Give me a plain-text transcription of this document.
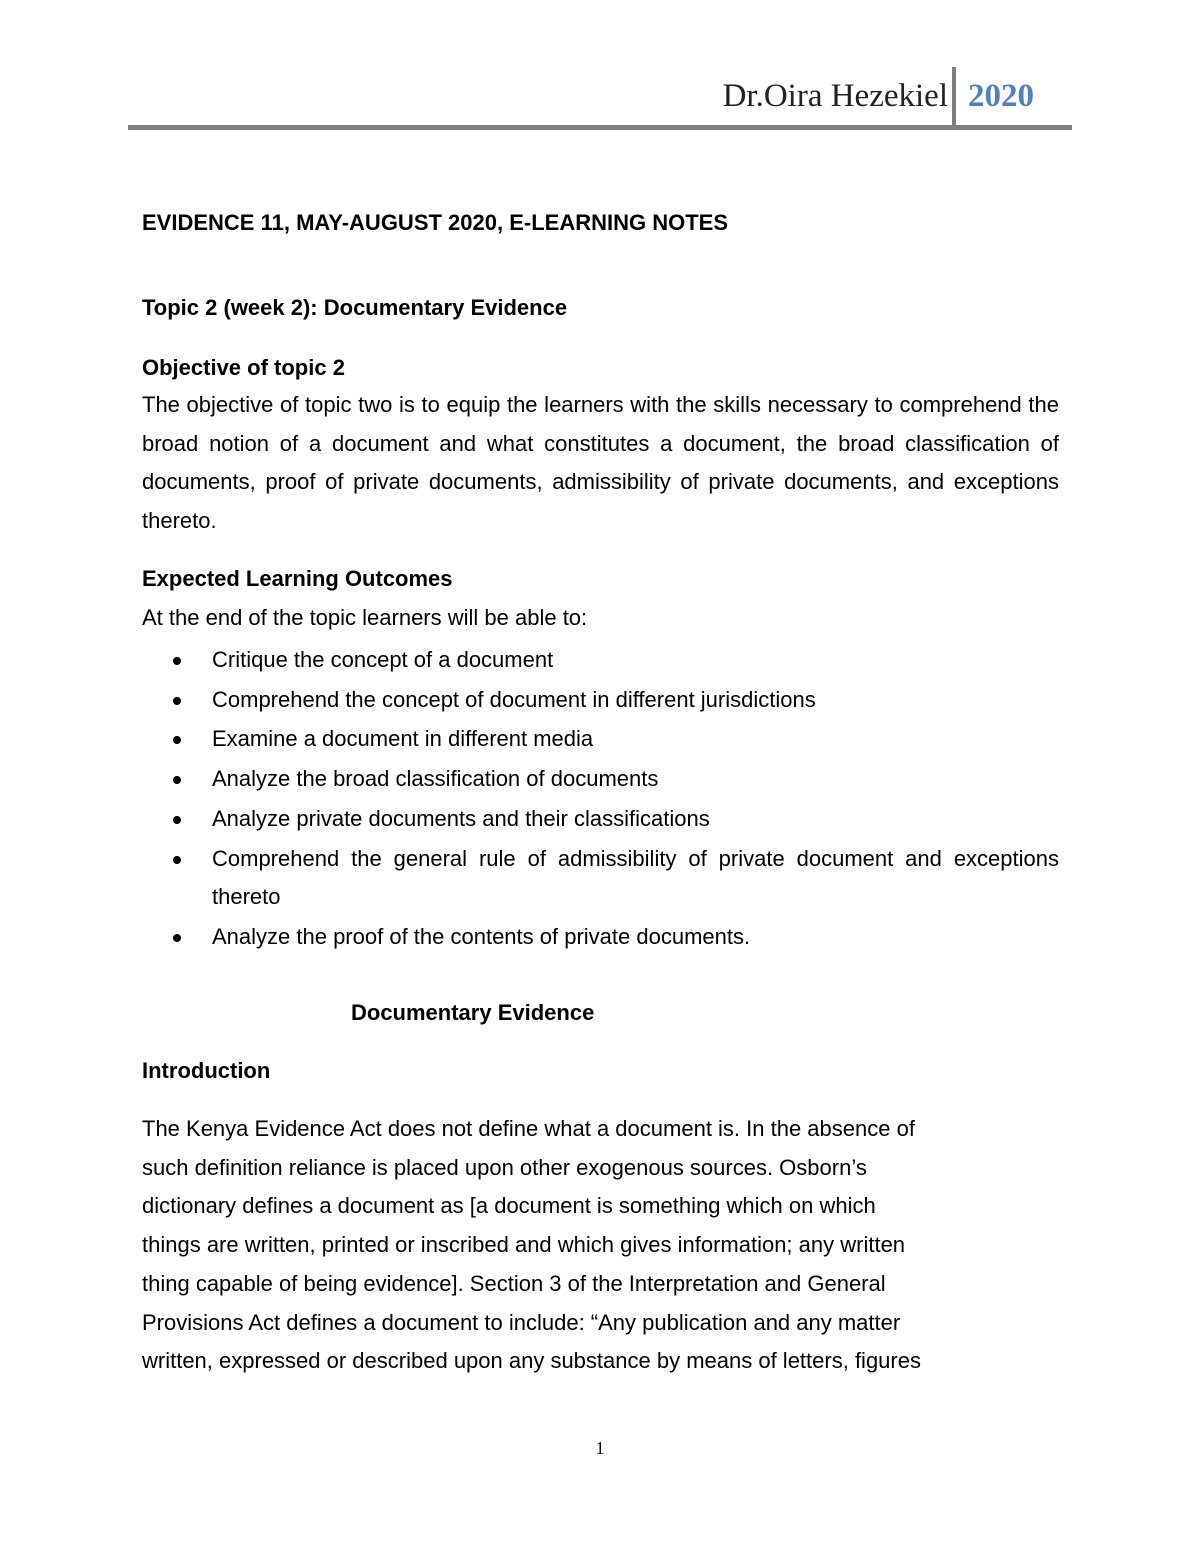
Dr.Oira Hezekiel 2020
EVIDENCE 11, MAY-AUGUST 2020, E-LEARNING NOTES
Topic 2 (week 2): Documentary Evidence
Objective of topic 2
The objective of topic two is to equip the learners with the skills necessary to comprehend the broad notion of a document and what constitutes a document, the broad classification of documents, proof of private documents, admissibility of private documents, and exceptions thereto.
Expected Learning Outcomes
At the end of the topic learners will be able to:
Critique the concept of a document
Comprehend the concept of document in different jurisdictions
Examine a document in different media
Analyze the broad classification of documents
Analyze private documents and their classifications
Comprehend the general rule of admissibility of private document and exceptions thereto
Analyze the proof of the contents of private documents.
Documentary Evidence
Introduction
The Kenya Evidence Act does not define what a document is. In the absence of
such definition reliance is placed upon other exogenous sources. Osborn’s
dictionary defines a document as [a document is something which on which
things are written, printed or inscribed and which gives information; any written
thing capable of being evidence]. Section 3 of the Interpretation and General
Provisions Act defines a document to include: “Any publication and any matter
written, expressed or described upon any substance by means of letters, figures
1
